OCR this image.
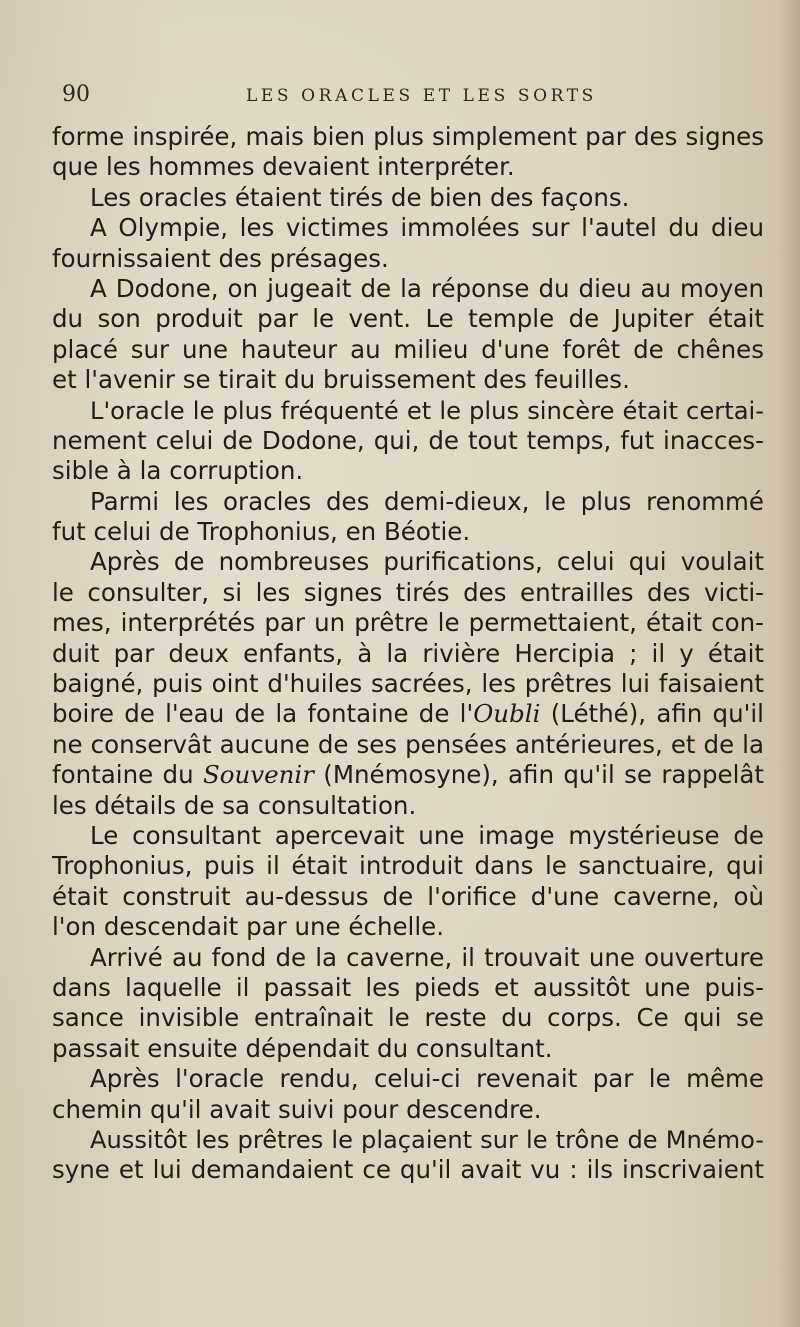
90	LES ORACLES ET LES SORTS
forme inspirée, mais bien plus simplement par des signes
que les hommes devaient interpréter.
Les oracles étaient tirés de bien des façons.
A Olympie, les victimes immolées sur l'autel du dieu
fournissaient des présages.
A Dodone, on jugeait de la réponse du dieu au moyen
du son produit par le vent. Le temple de Jupiter était
placé sur une hauteur au milieu d'une forêt de chênes
et l'avenir se tirait du bruissement des feuilles.
L'oracle le plus fréquenté et le plus sincère était certai-
nement celui de Dodone, qui, de tout temps, fut inacces-
sible à la corruption.
Parmi les oracles des demi-dieux, le plus renommé
fut celui de Trophonius, en Béotie.
Après de nombreuses purifications, celui qui voulait
le consulter, si les signes tirés des entrailles des victi-
mes, interprétés par un prêtre le permettaient, était con-
duit par deux enfants, à la rivière Hercipia ; il y était
baigné, puis oint d'huiles sacrées, les prêtres lui faisaient
boire de l'eau de la fontaine de l'Oubli (Léthé), afin qu'il
ne conservât aucune de ses pensées antérieures, et de la
fontaine du Souvenir (Mnémosyne), afin qu'il se rappelât
les détails de sa consultation.
Le consultant apercevait une image mystérieuse de
Trophonius, puis il était introduit dans le sanctuaire, qui
était construit au-dessus de l'orifice d'une caverne, où
l'on descendait par une échelle.
Arrivé au fond de la caverne, il trouvait une ouverture
dans laquelle il passait les pieds et aussitôt une puis-
sance invisible entraînait le reste du corps. Ce qui se
passait ensuite dépendait du consultant.
Après l'oracle rendu, celui-ci revenait par le même
chemin qu'il avait suivi pour descendre.
Aussitôt les prêtres le plaçaient sur le trône de Mnémo-
syne et lui demandaient ce qu'il avait vu : ils inscrivaient
